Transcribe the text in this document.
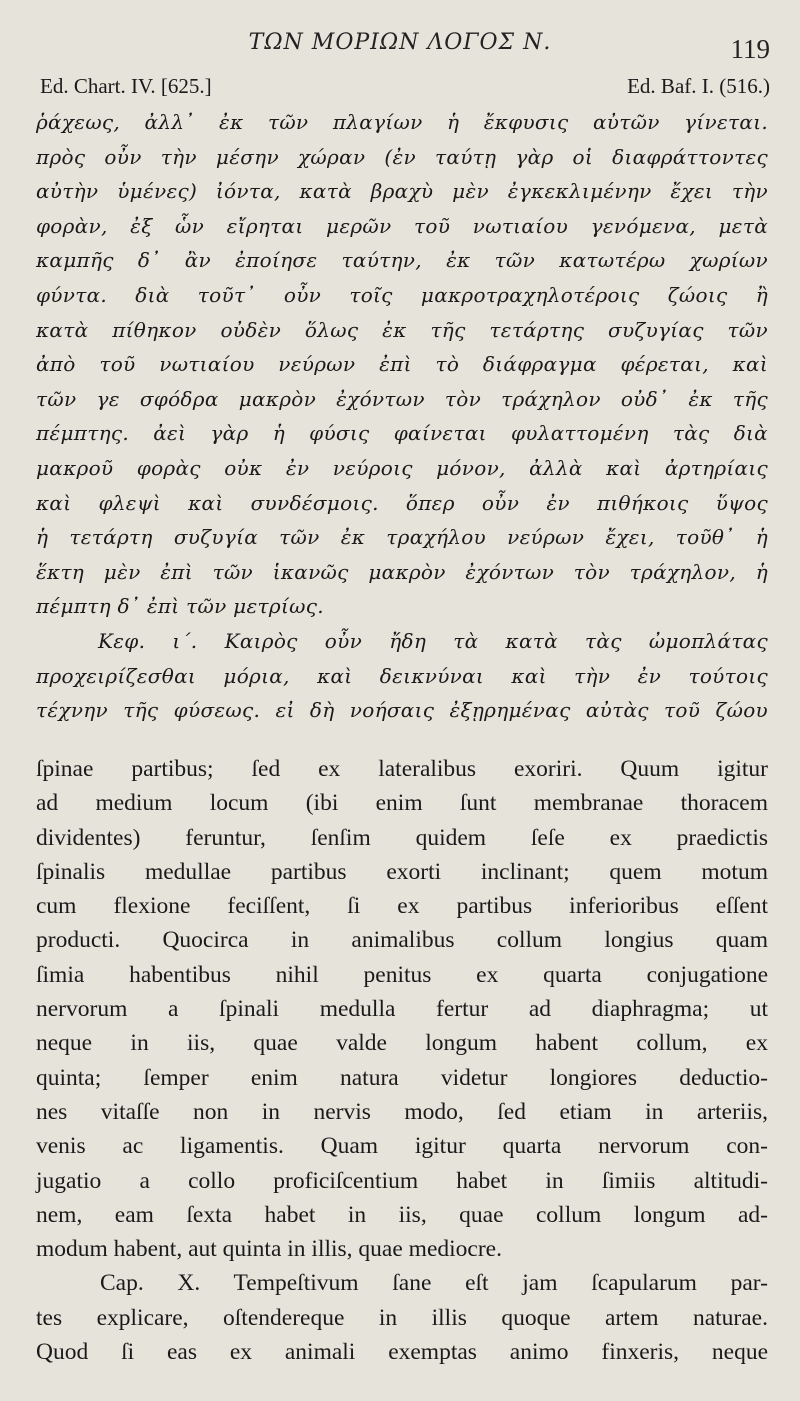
ΤΩΝ ΜΟΡΙΩΝ ΛΟΓΟΣ Ν.	119
Ed. Chart. IV. [625.]	Ed. Baf. I. (516.)
ῥάχεως, ἀλλ᾽ ἐκ τῶν πλαγίων ἡ ἔκφυσις αὐτῶν γίνεται.
πρὸς οὖν τὴν μέσην χώραν (ἐν ταύτῃ γὰρ οἱ διαφράττοντες
αὐτὴν ὑμένες) ἰόντα, κατὰ βραχὺ μὲν ἐγκεκλιμένην ἔχει τὴν
φορὰν, ἐξ ὧν εἴρηται μερῶν τοῦ νωτιαίου γενόμενα, μετὰ
καμπῆς δ᾽ ἂν ἐποίησε ταύτην, ἐκ τῶν κατωτέρω χωρίων
φύντα. διὰ τοῦτ᾽ οὖν τοῖς μακροτραχηλοτέροις ζώοις ἢ
κατὰ πίθηκον οὐδὲν ὅλως ἐκ τῆς τετάρτης συζυγίας τῶν
ἀπὸ τοῦ νωτιαίου νεύρων ἐπὶ τὸ διάφραγμα φέρεται, καὶ
τῶν γε σφόδρα μακρὸν ἐχόντων τὸν τράχηλον οὐδ᾽ ἐκ τῆς
πέμπτης. ἀεὶ γὰρ ἡ φύσις φαίνεται φυλαττομένη τὰς διὰ
μακροῦ φορὰς οὐκ ἐν νεύροις μόνον, ἀλλὰ καὶ ἀρτηρίαις
καὶ φλεψὶ καὶ συνδέσμοις. ὅπερ οὖν ἐν πιθήκοις ὕψος
ἡ τετάρτη συζυγία τῶν ἐκ τραχήλου νεύρων ἔχει, τοῦθ᾽ ἡ
ἕκτη μὲν ἐπὶ τῶν ἱκανῶς μακρὸν ἐχόντων τὸν τράχηλον, ἡ
πέμπτη δ᾽ ἐπὶ τῶν μετρίως.
Κεφ. ι΄. Καιρὸς οὖν ἤδη τὰ κατὰ τὰς ὠμοπλάτας
προχειρίζεσθαι μόρια, καὶ δεικνύναι καὶ τὴν ἐν τούτοις
τέχνην τῆς φύσεως. εἰ δὴ νοήσαις ἐξῃρημένας αὐτὰς τοῦ ζώου
ſpinae partibus; ſed ex lateralibus exoriri. Quum igitur
ad medium locum (ibi enim ſunt membranae thoracem
dividentes) feruntur, ſenſim quidem ſeſe ex praedictis
ſpinalis medullae partibus exorti inclinant; quem motum
cum flexione feciſſent, ſi ex partibus inferioribus eſſent
producti. Quocirca in animalibus collum longius quam
ſimia habentibus nihil penitus ex quarta conjugatione
nervorum a ſpinali medulla fertur ad diaphragma; ut
neque in iis, quae valde longum habent collum, ex
quinta; ſemper enim natura videtur longiores deductio-
nes vitaſſe non in nervis modo, ſed etiam in arteriis,
venis ac ligamentis. Quam igitur quarta nervorum con-
jugatio a collo proficiſcentium habet in ſimiis altitudi-
nem, eam ſexta habet in iis, quae collum longum ad-
modum habent, aut quinta in illis, quae mediocre.
Cap. X. Tempeſtivum ſane eſt jam ſcapularum par-
tes explicare, oſtendereque in illis quoque artem naturae.
Quod ſi eas ex animali exemptas animo finxeris, neque
